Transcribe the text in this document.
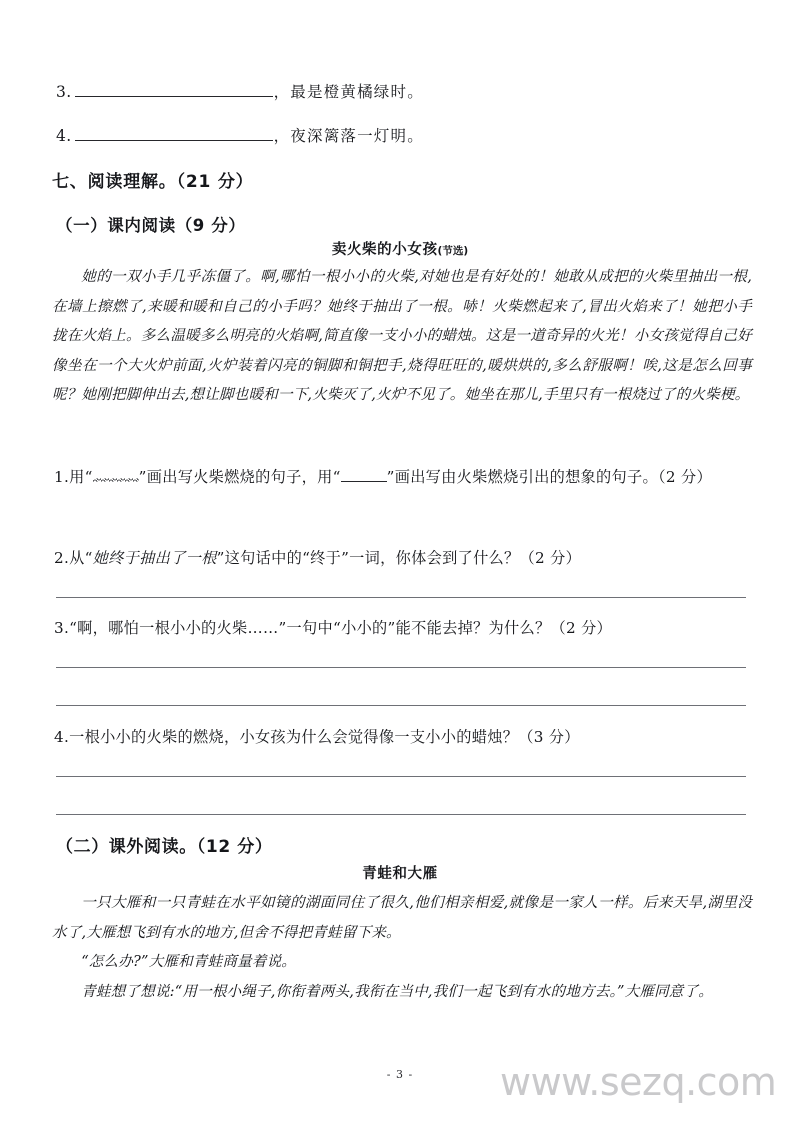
3.	，最是橙黄橘绿时。
4.	，夜深篱落一灯明。
七、阅读理解。（21 分）
（一）课内阅读（9 分）
卖火柴的小女孩(节选)

她的一双小手几乎冻僵了。啊,哪怕一根小小的火柴,对她也是有好处的！她敢从成把的火柴里抽出一根,在墙上擦燃了,来暖和暖和自己的小手吗？她终于抽出了一根。哧！火柴燃起来了,冒出火焰来了！她把小手拢在火焰上。多么温暖多么明亮的火焰啊,简直像一支小小的蜡烛。这是一道奇异的火光！小女孩觉得自己好像坐在一个大火炉前面,火炉装着闪亮的铜脚和铜把手,烧得旺旺的,暖烘烘的,多么舒服啊！唉,这是怎么回事呢？她刚把脚伸出去,想让脚也暖和一下,火柴灭了,火炉不见了。她坐在那儿,手里只有一根烧过了的火柴梗。

1.用“	”画出写火柴燃烧的句子，用“	”画出写由火柴燃烧引出的想象的句子。（2 分）
2.从“她终于抽出了一根”这句话中的“终于”一词，你体会到了什么？（2 分）
3.“啊，哪怕一根小小的火柴……”一句中“小小的”能不能去掉？为什么？（2 分）
4.一根小小的火柴的燃烧，小女孩为什么会觉得像一支小小的蜡烛？（3 分）
（二）课外阅读。（12 分）
青蛙和大雁

一只大雁和一只青蛙在水平如镜的湖面同住了很久,他们相亲相爱,就像是一家人一样。后来天旱,湖里没水了,大雁想飞到有水的地方,但舍不得把青蛙留下来。

“怎么办?”大雁和青蛙商量着说。

青蛙想了想说:“用一根小绳子,你衔着两头,我衔在当中,我们一起飞到有水的地方去。”大雁同意了。

- 3 -	www.sezq.com
